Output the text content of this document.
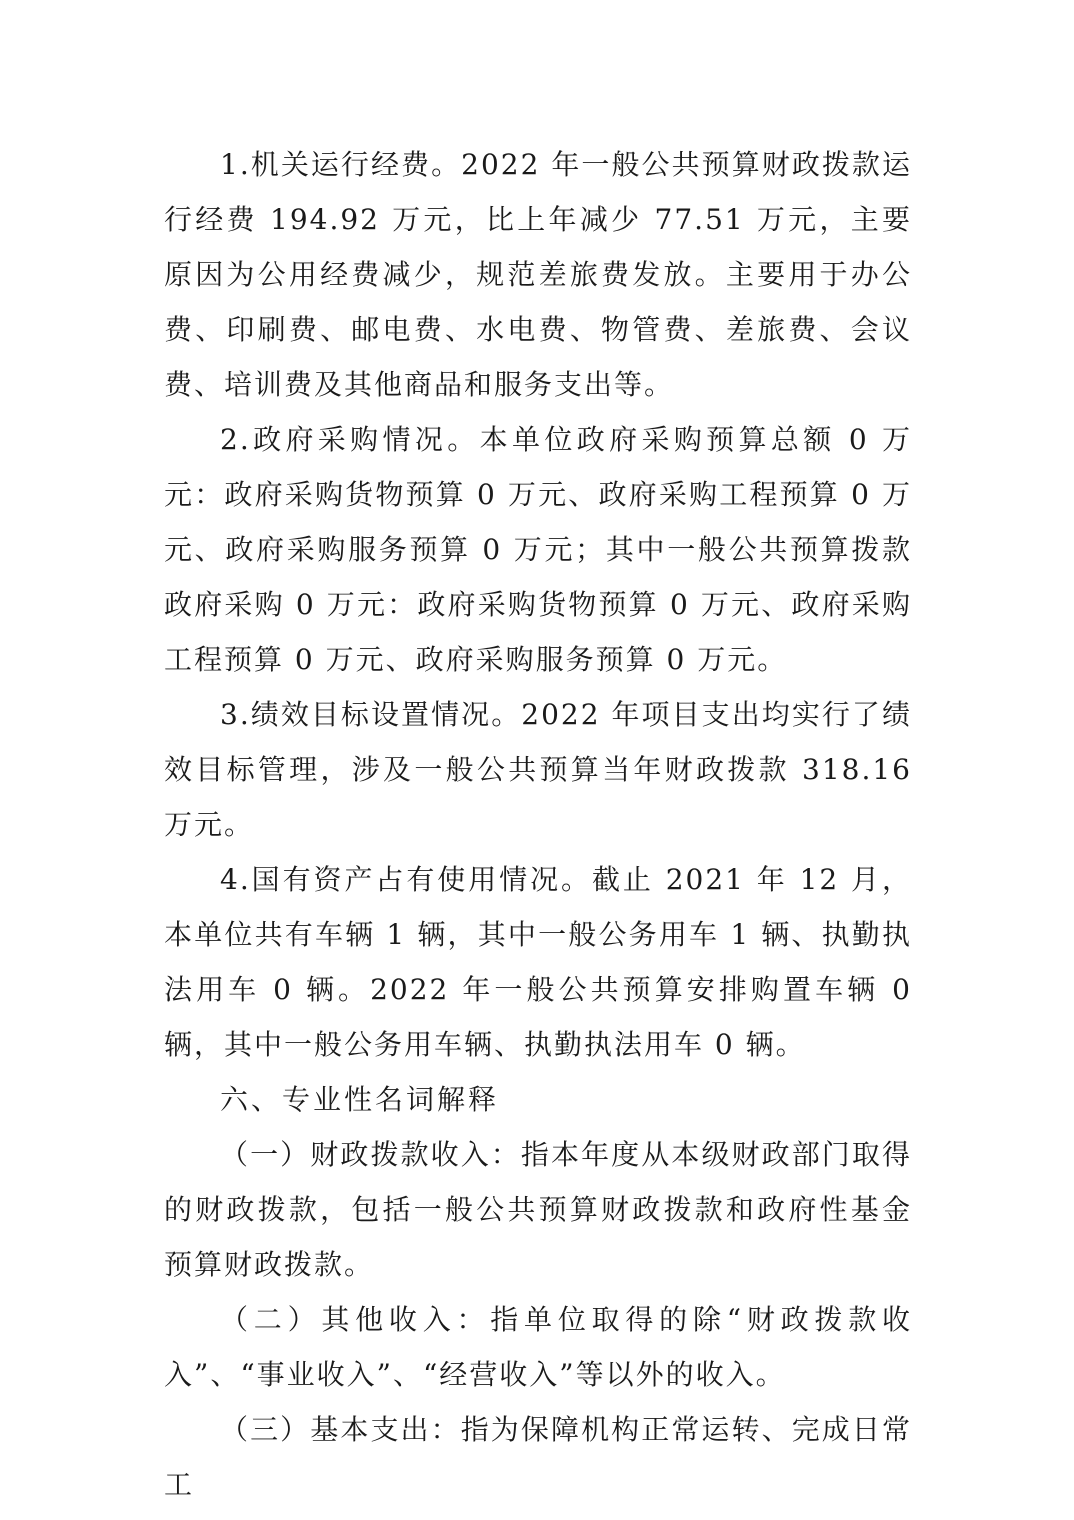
1.机关运行经费。2022 年一般公共预算财政拨款运行经费 194.92 万元，比上年减少 77.51 万元，主要原因为公用经费减少，规范差旅费发放。主要用于办公费、印刷费、邮电费、水电费、物管费、差旅费、会议费、培训费及其他商品和服务支出等。

2.政府采购情况。本单位政府采购预算总额 0 万元：政府采购货物预算 0 万元、政府采购工程预算 0 万元、政府采购服务预算 0 万元；其中一般公共预算拨款政府采购 0 万元：政府采购货物预算 0 万元、政府采购工程预算 0 万元、政府采购服务预算 0 万元。

3.绩效目标设置情况。2022 年项目支出均实行了绩效目标管理，涉及一般公共预算当年财政拨款 318.16 万元。

4.国有资产占有使用情况。截止 2021 年 12 月，本单位共有车辆 1 辆，其中一般公务用车 1 辆、执勤执法用车 0 辆。2022 年一般公共预算安排购置车辆 0 辆，其中一般公务用车辆、执勤执法用车 0 辆。

六、专业性名词解释

（一）财政拨款收入：指本年度从本级财政部门取得的财政拨款，包括一般公共预算财政拨款和政府性基金预算财政拨款。

（二）其他收入：指单位取得的除“财政拨款收入”、“事业收入”、“经营收入”等以外的收入。

（三）基本支出：指为保障机构正常运转、完成日常工
